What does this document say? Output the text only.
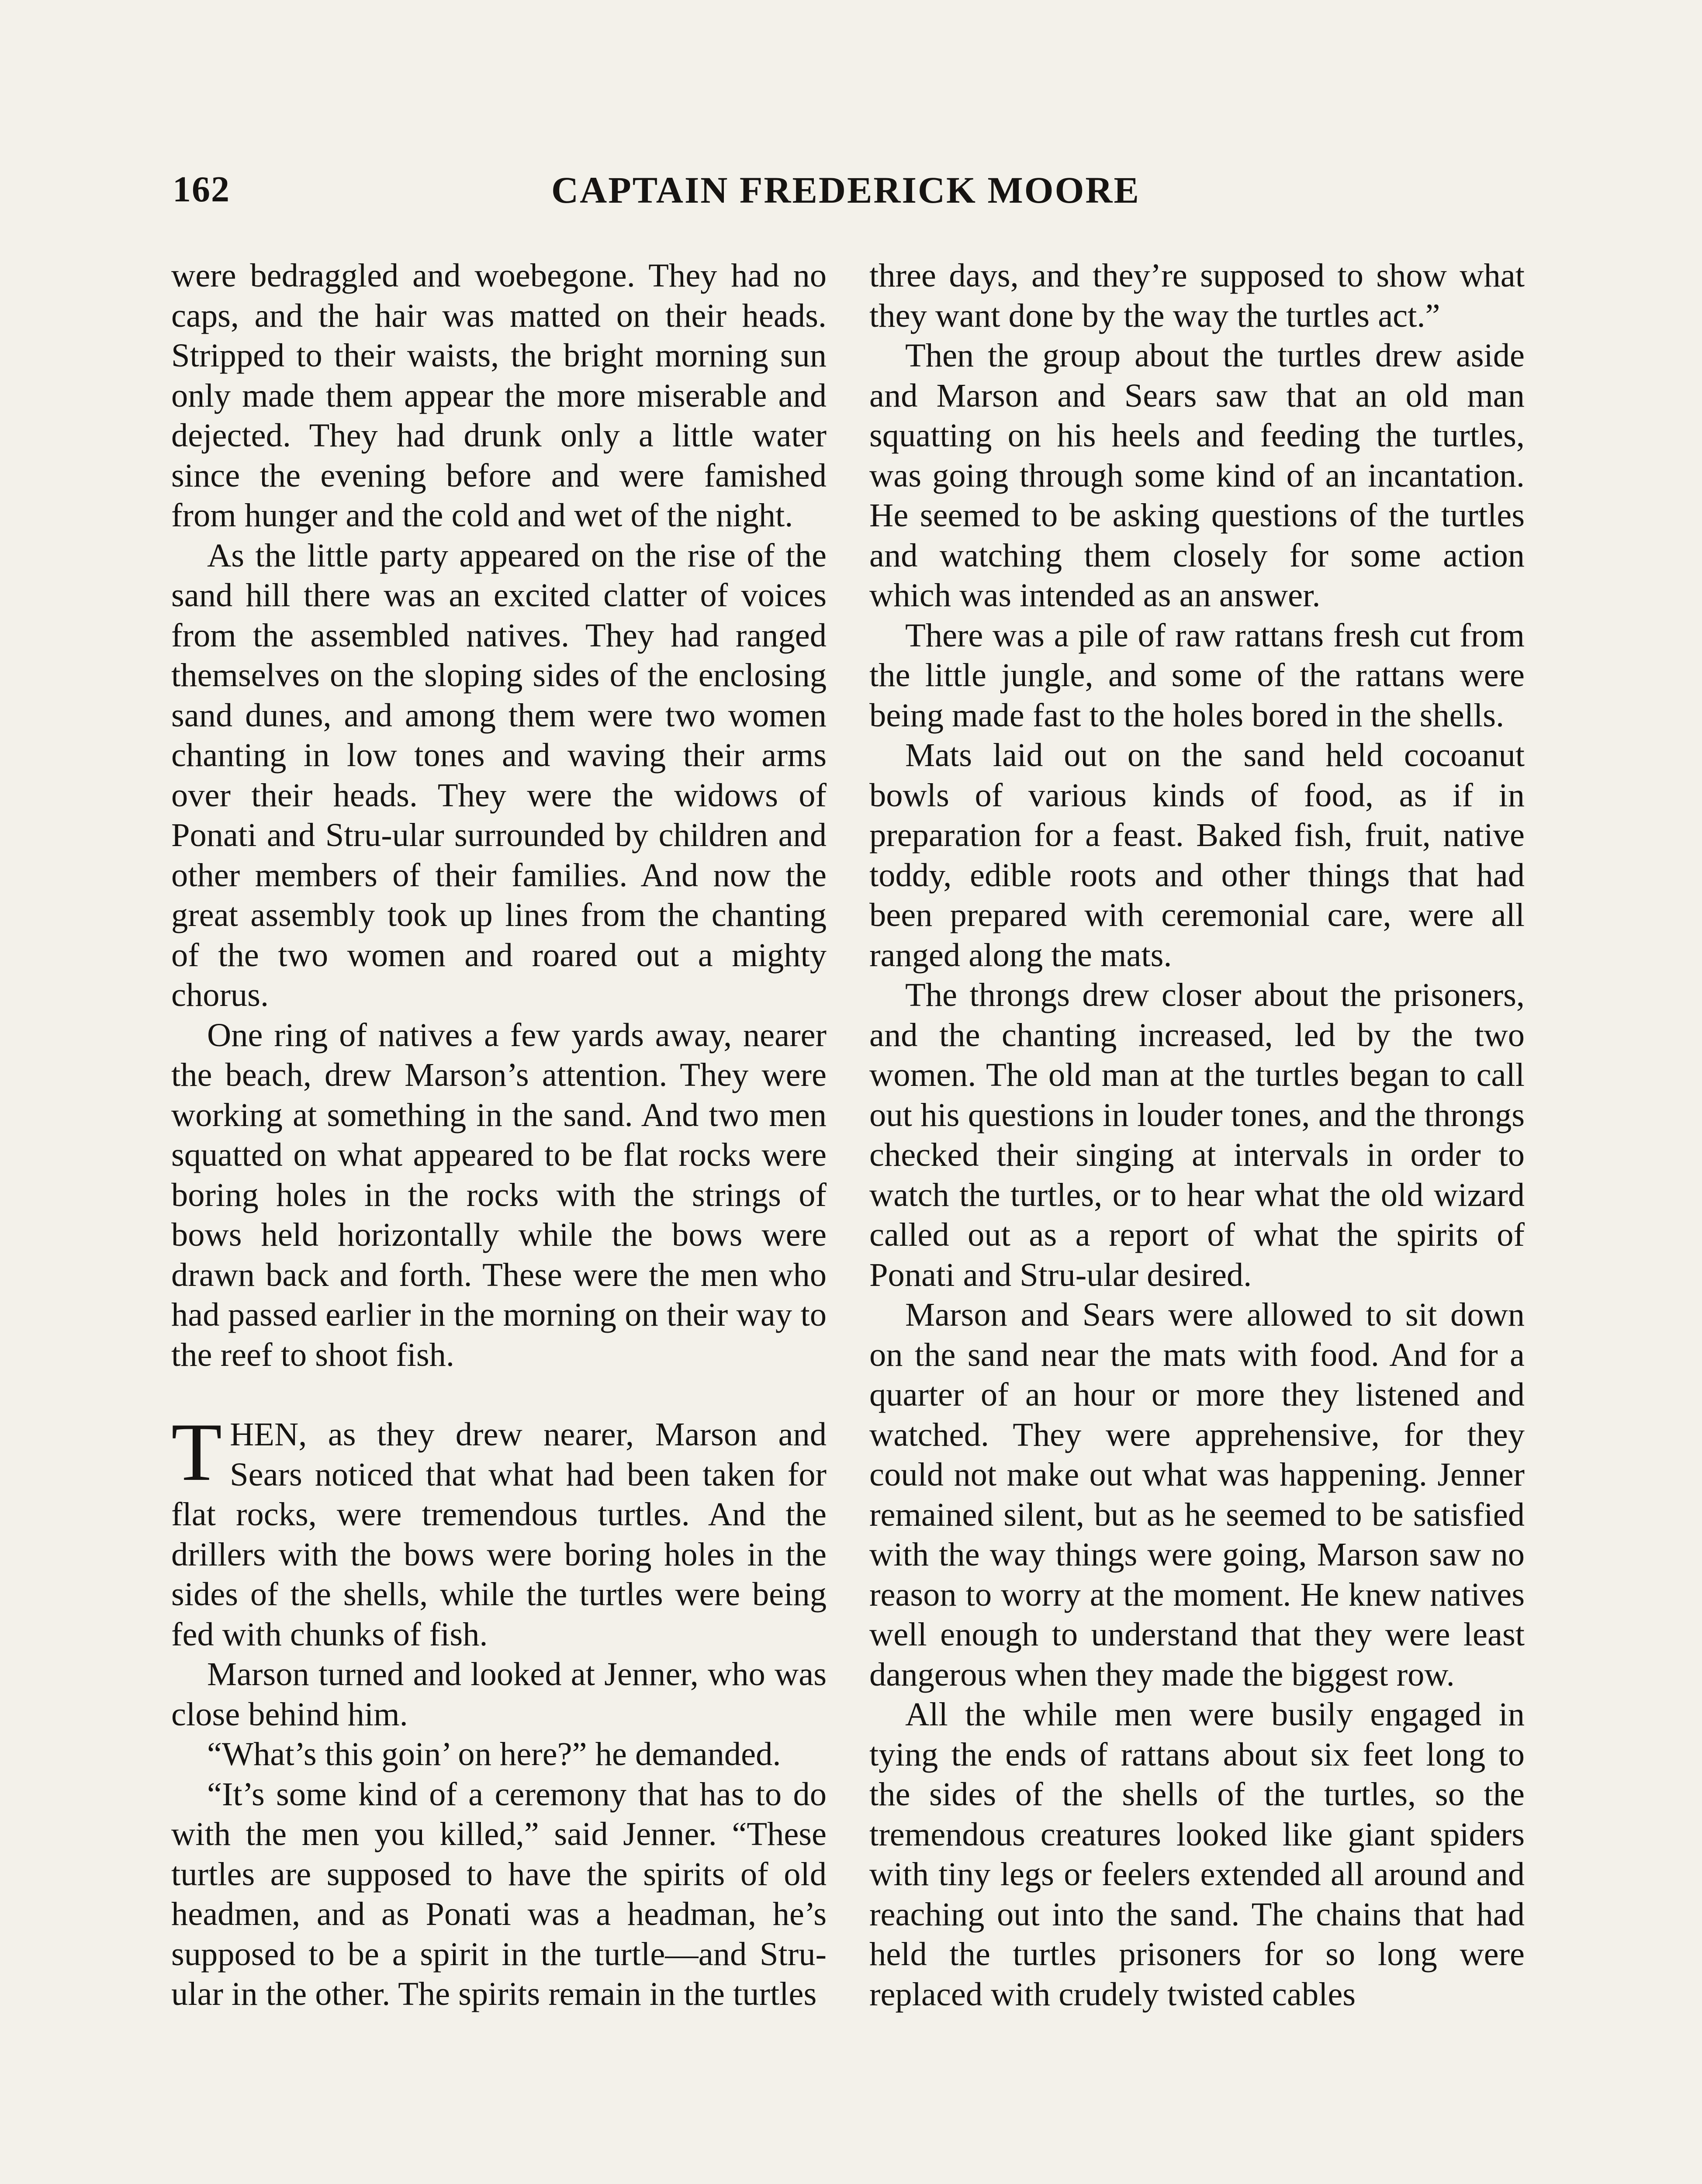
162	CAPTAIN FREDERICK MOORE

were bedraggled and woebegone. They had no caps, and the hair was matted on their heads. Stripped to their waists, the bright morning sun only made them appear the more miserable and dejected. They had drunk only a little water since the evening before and were famished from hunger and the cold and wet of the night.

As the little party appeared on the rise of the sand hill there was an excited clatter of voices from the assembled natives. They had ranged themselves on the sloping sides of the enclosing sand dunes, and among them were two women chanting in low tones and waving their arms over their heads. They were the widows of Ponati and Stru-ular surrounded by children and other members of their families. And now the great assembly took up lines from the chanting of the two women and roared out a mighty chorus.

One ring of natives a few yards away, nearer the beach, drew Marson’s attention. They were working at something in the sand. And two men squatted on what appeared to be flat rocks were boring holes in the rocks with the strings of bows held horizontally while the bows were drawn back and forth. These were the men who had passed earlier in the morning on their way to the reef to shoot fish.

THEN, as they drew nearer, Marson and Sears noticed that what had been taken for flat rocks, were tremendous turtles. And the drillers with the bows were boring holes in the sides of the shells, while the turtles were being fed with chunks of fish.

Marson turned and looked at Jenner, who was close behind him.

“What’s this goin’ on here?” he demanded.

“It’s some kind of a ceremony that has to do with the men you killed,” said Jenner. “These turtles are supposed to have the spirits of old headmen, and as Ponati was a headman, he’s supposed to be a spirit in the turtle—and Stru-ular in the other. The spirits remain in the turtles

three days, and they’re supposed to show what they want done by the way the turtles act.”

Then the group about the turtles drew aside and Marson and Sears saw that an old man squatting on his heels and feeding the turtles, was going through some kind of an incantation. He seemed to be asking questions of the turtles and watching them closely for some action which was intended as an answer.

There was a pile of raw rattans fresh cut from the little jungle, and some of the rattans were being made fast to the holes bored in the shells.

Mats laid out on the sand held cocoanut bowls of various kinds of food, as if in preparation for a feast. Baked fish, fruit, native toddy, edible roots and other things that had been prepared with ceremonial care, were all ranged along the mats.

The throngs drew closer about the prisoners, and the chanting increased, led by the two women. The old man at the turtles began to call out his questions in louder tones, and the throngs checked their singing at intervals in order to watch the turtles, or to hear what the old wizard called out as a report of what the spirits of Ponati and Stru-ular desired.

Marson and Sears were allowed to sit down on the sand near the mats with food. And for a quarter of an hour or more they listened and watched. They were apprehensive, for they could not make out what was happening. Jenner remained silent, but as he seemed to be satisfied with the way things were going, Marson saw no reason to worry at the moment. He knew natives well enough to understand that they were least dangerous when they made the biggest row.

All the while men were busily engaged in tying the ends of rattans about six feet long to the sides of the shells of the turtles, so the tremendous creatures looked like giant spiders with tiny legs or feelers extended all around and reaching out into the sand. The chains that had held the turtles prisoners for so long were replaced with crudely twisted cables
